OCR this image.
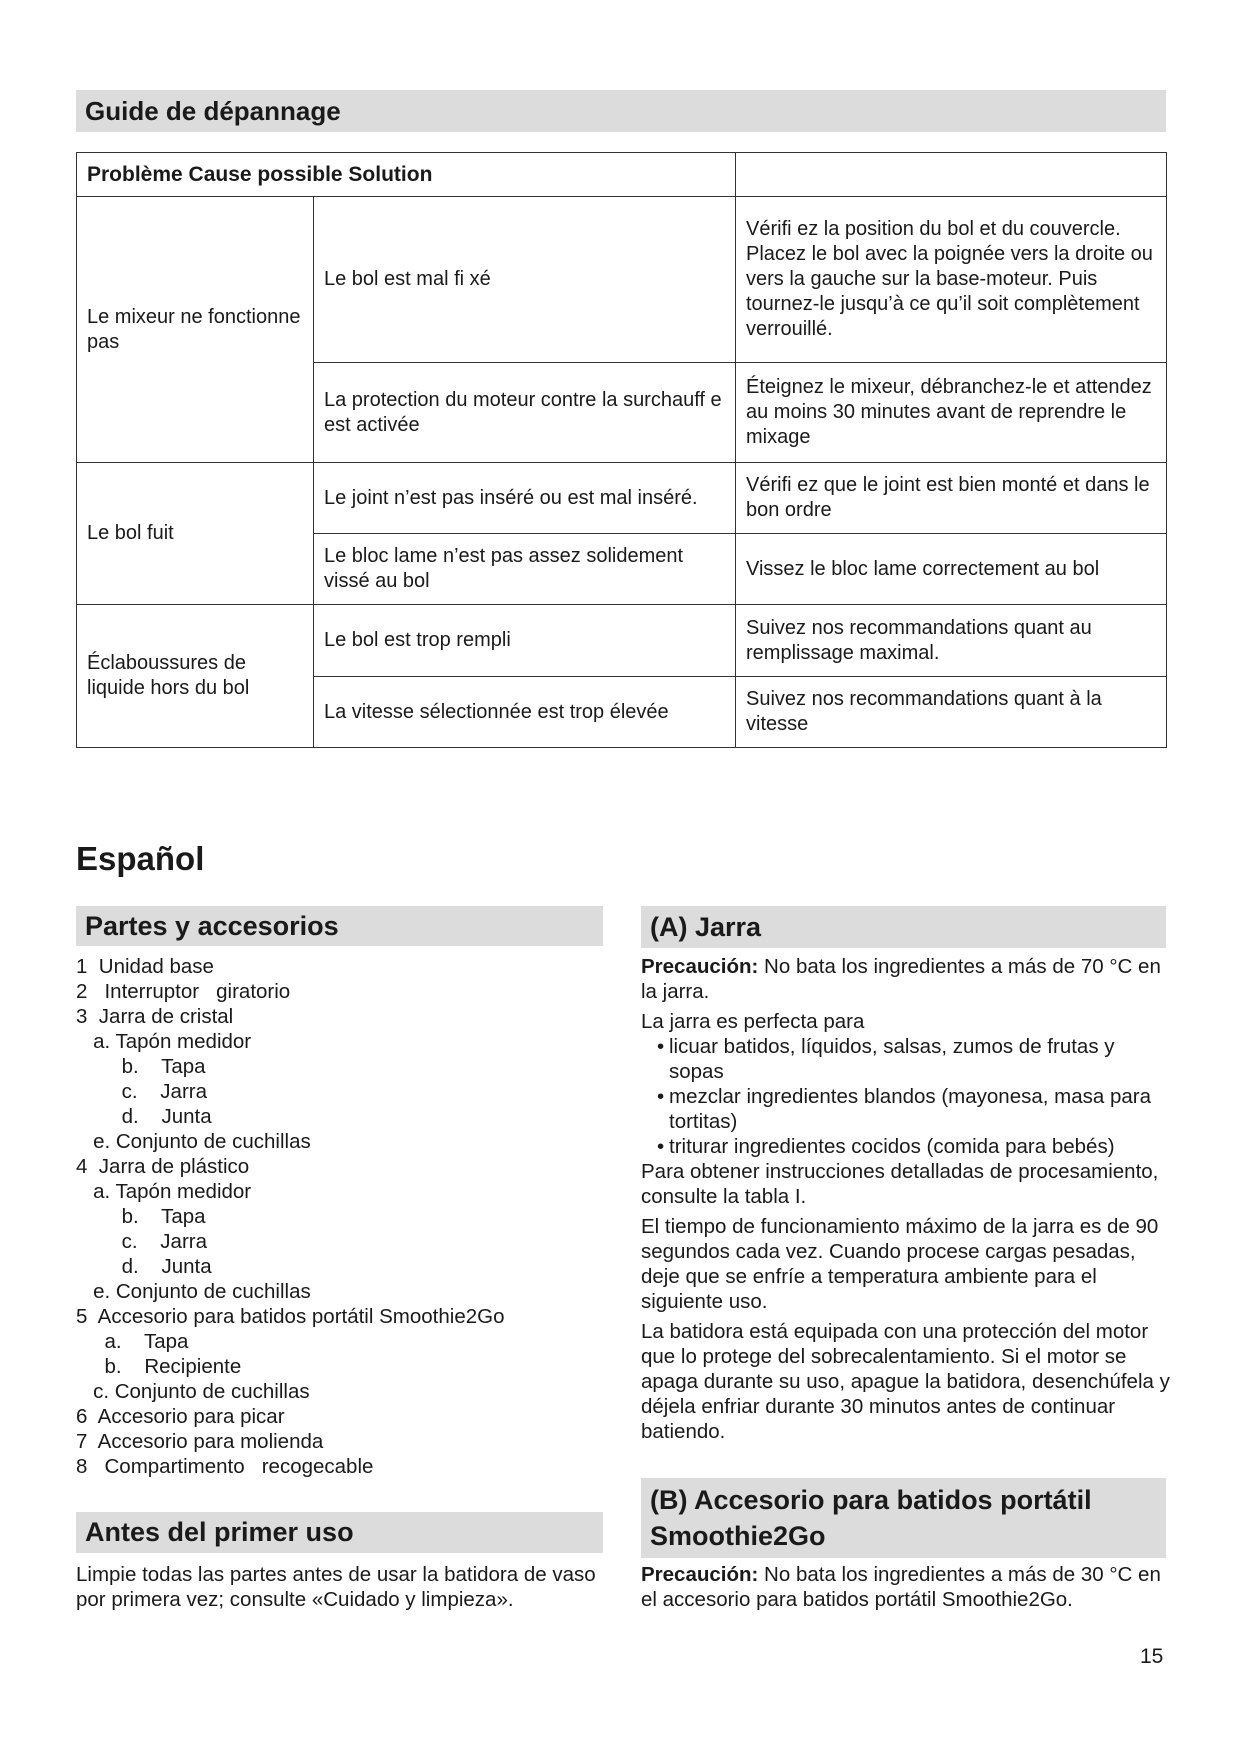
Guide de dépannage
Problème Cause possible Solution		
Le mixeur ne fonctionne pas	Le bol est mal fi xé	Vérifi ez la position du bol et du couvercle. Placez le bol avec la poignée vers la droite ou vers la gauche sur la base-moteur. Puis tournez-le jusqu’à ce qu’il soit complètement verrouillé.
	La protection du moteur contre la surchauff e est activée	Éteignez le mixeur, débranchez-le et attendez au moins 30 minutes avant de reprendre le mixage
Le bol fuit	Le joint n’est pas inséré ou est mal inséré.	Vérifi ez que le joint est bien monté et dans le bon ordre
	Le bloc lame n’est pas assez solidement vissé au bol	Vissez le bloc lame correctement au bol
Éclaboussures de liquide hors du bol	Le bol est trop rempli	Suivez nos recommandations quant au remplissage maximal.
	La vitesse sélectionnée est trop élevée	Suivez nos recommandations quant à la vitesse
Español
Partes y accesorios
1  Unidad base
2   Interruptor   giratorio
3  Jarra de cristal
a. Tapón medidor
b.    Tapa
c.    Jarra
d.    Junta
e. Conjunto de cuchillas
4  Jarra de plástico
a. Tapón medidor
b.    Tapa
c.    Jarra
d.    Junta
e. Conjunto de cuchillas
5  Accesorio para batidos portátil Smoothie2Go
a.    Tapa
b.    Recipiente
c. Conjunto de cuchillas
6  Accesorio para picar
7  Accesorio para molienda
8   Compartimento   recogecable
Antes del primer uso

Limpie todas las partes antes de usar la batidora de vaso por primera vez; consulte «Cuidado y limpieza».

(A) Jarra

Precaución: No bata los ingredientes a más de 70 °C en la jarra.

La jarra es perfecta para
• licuar batidos, líquidos, salsas, zumos de frutas y sopas
• mezclar ingredientes blandos (mayonesa, masa para tortitas)
• triturar ingredientes cocidos (comida para bebés)

Para obtener instrucciones detalladas de procesamiento, consulte la tabla I.

El tiempo de funcionamiento máximo de la jarra es de 90 segundos cada vez. Cuando procese cargas pesadas, deje que se enfríe a temperatura ambiente para el siguiente uso.

La batidora está equipada con una protección del motor que lo protege del sobrecalentamiento. Si el motor se apaga durante su uso, apague la batidora, desenchúfela y déjela enfriar durante 30 minutos antes de continuar batiendo.

(B) Accesorio para batidos portátil Smoothie2Go

Precaución: No bata los ingredientes a más de 30 °C en el accesorio para batidos portátil Smoothie2Go.

15
